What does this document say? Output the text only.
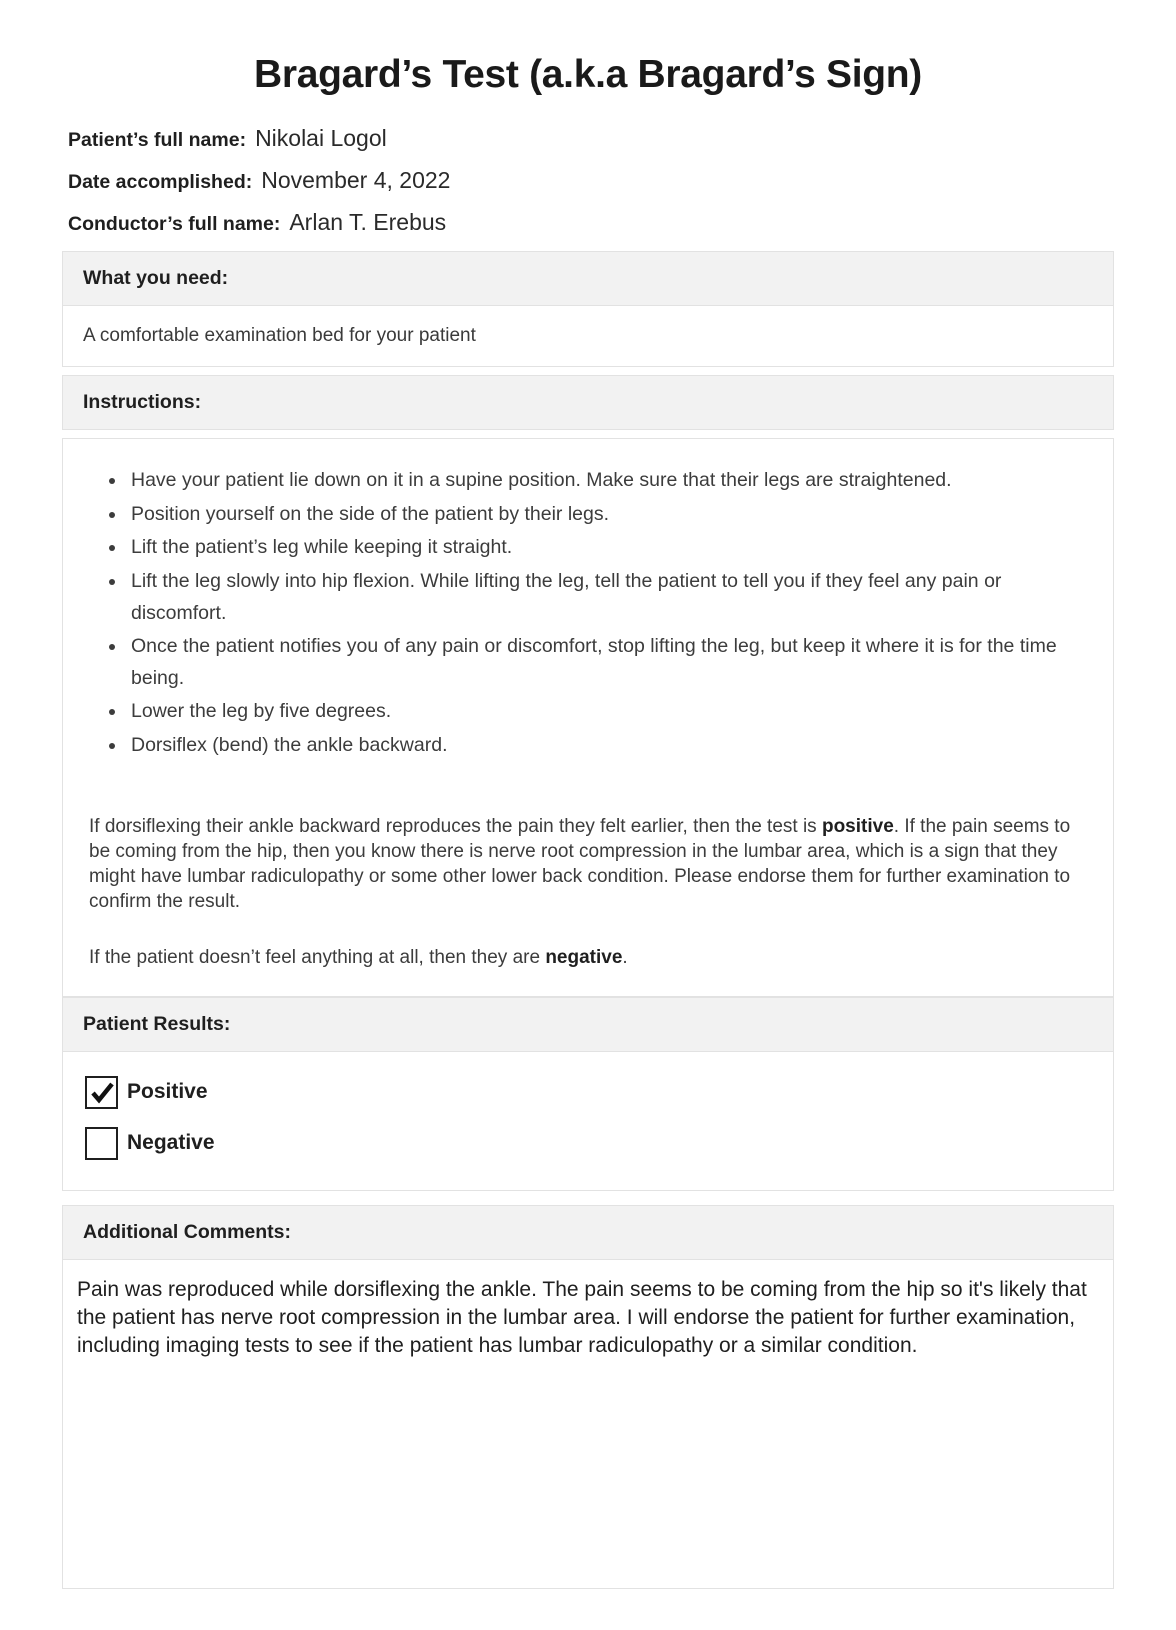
Bragard’s Test (a.k.a Bragard’s Sign)
Patient’s full name: Nikolai Logol
Date accomplished: November 4, 2022
Conductor’s full name: Arlan T. Erebus
What you need:
A comfortable examination bed for your patient
Instructions:
Have your patient lie down on it in a supine position. Make sure that their legs are straightened.
Position yourself on the side of the patient by their legs.
Lift the patient’s leg while keeping it straight.
Lift the leg slowly into hip flexion. While lifting the leg, tell the patient to tell you if they feel any pain or discomfort.
Once the patient notifies you of any pain or discomfort, stop lifting the leg, but keep it where it is for the time being.
Lower the leg by five degrees.
Dorsiflex (bend) the ankle backward.

If dorsiflexing their ankle backward reproduces the pain they felt earlier, then the test is positive. If the pain seems to be coming from the hip, then you know there is nerve root compression in the lumbar area, which is a sign that they might have lumbar radiculopathy or some other lower back condition. Please endorse them for further examination to confirm the result.

If the patient doesn’t feel anything at all, then they are negative.

Patient Results:
Positive
Negative
Additional Comments:

Pain was reproduced while dorsiflexing the ankle. The pain seems to be coming from the hip so it's likely that the patient has nerve root compression in the lumbar area. I will endorse the patient for further examination, including imaging tests to see if the patient has lumbar radiculopathy or a similar condition.
